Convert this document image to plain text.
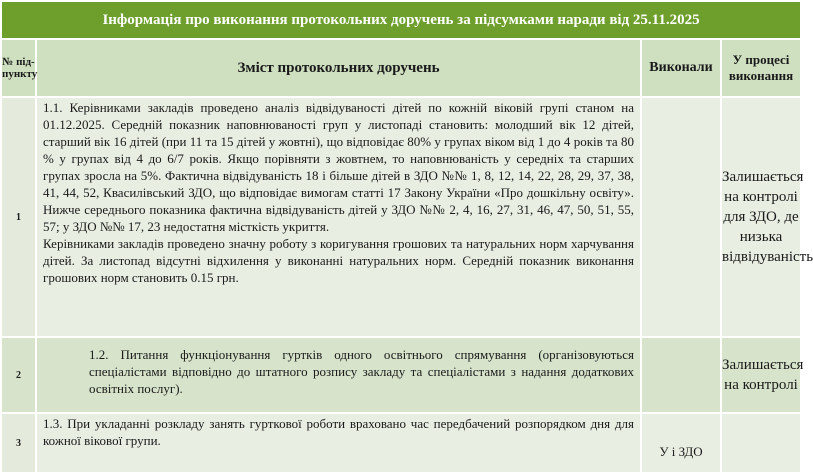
Інформація про виконання протокольних доручень за підсумками наради від 25.11.2025			
№ під-пункту	Зміст протокольних доручень	Виконали	У процесі виконання
1	1.1. Керівниками закладів проведено аналіз відвідуваності дітей по кожній віковій групі станом на 01.12.2025. Середній показник наповнюваності груп у листопаді становить: молодший вік 12 дітей, старший вік 16 дітей (при 11 та 15 дітей у жовтні), що відповідає 80% у групах віком від 1 до 4 років та 80 % у групах від 4 до 6/7 років. Якщо порівняти з жовтнем, то наповнюваність у середніх та старших групах зросла на 5%. Фактична відвідуваність 18 і більше дітей в ЗДО №№ 1, 8, 12, 14, 22, 28, 29, 37, 38, 41, 44, 52, Квасилівський ЗДО, що відповідає вимогам статті 17 Закону України «Про дошкільну освіту». Нижче середнього показника фактична відвідуваність дітей у ЗДО №№ 2, 4, 16, 27, 31, 46, 47, 50, 51, 55, 57; у ЗДО №№ 17, 23 недостатня місткість укриття.

Керівниками закладів проведено значну роботу з коригування грошових та натуральних норм харчування дітей. За листопад відсутні відхилення у виконанні натуральних норм. Середній показник виконання грошових норм становить 0.15 грн.		Залишається на контролі для ЗДО, де низька відвідуваність
2	1.2. Питання функціонування гуртків одного освітнього спрямування (організовуються спеціалістами відповідно до штатного розпису закладу та спеціалістами з надання додаткових освітніх послуг).		Залишається на контролі
3	1.3. При укладанні розкладу занять гурткової роботи враховано час передбачений розпорядком дня для кожної вікової групи.	У і ЗДО	
